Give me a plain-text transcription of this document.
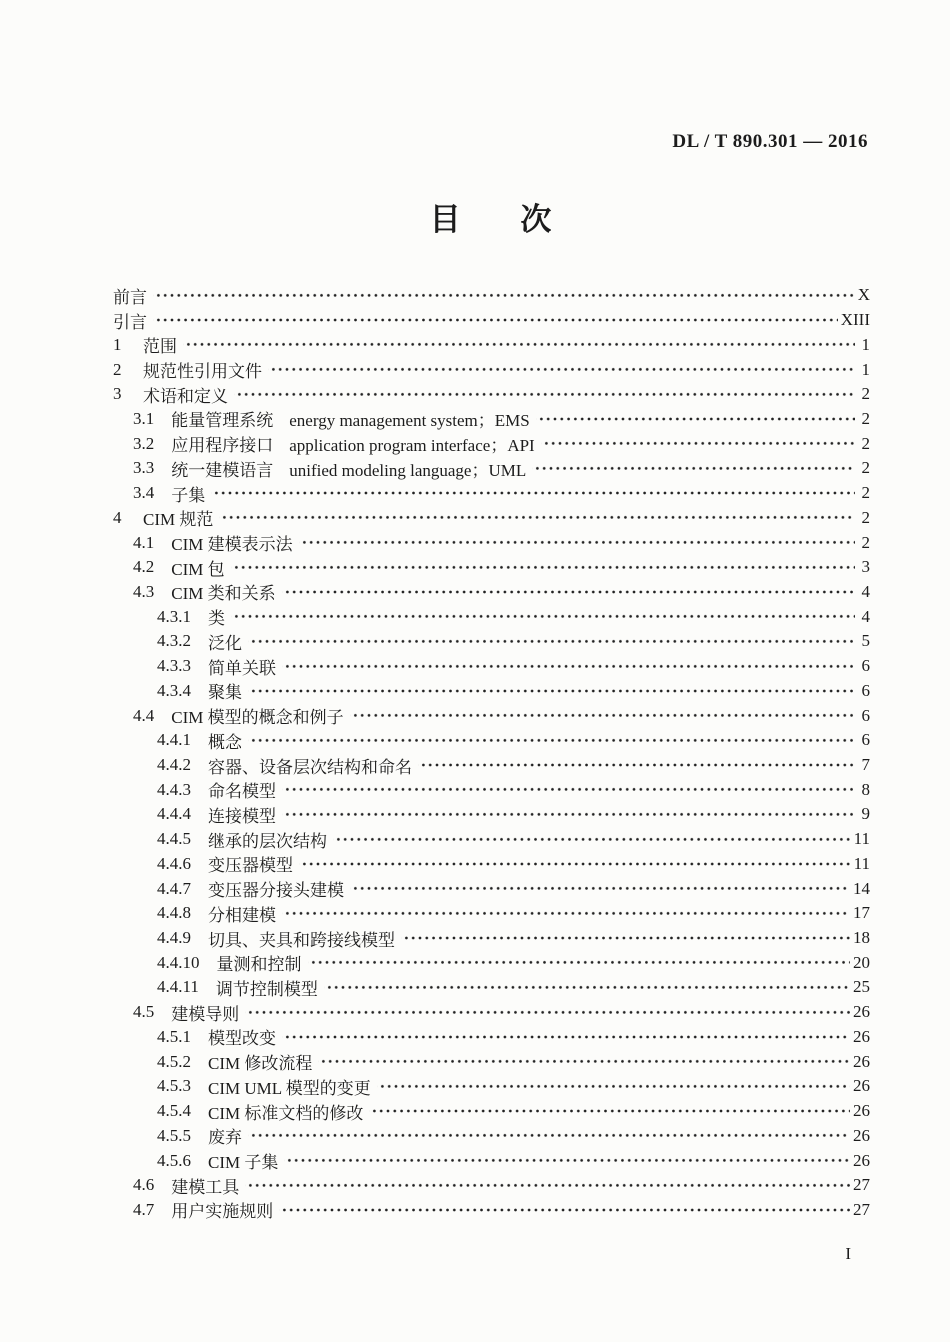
DL / T 890.301 — 2016
目 次
前言	X
引言	XIII
1 范围	1
2 规范性引用文件	1
3 术语和定义	2
3.1 能量管理系统 energy management system；EMS	2
3.2 应用程序接口 application program interface；API	2
3.3 统一建模语言 unified modeling language；UML	2
3.4 子集	2
4 CIM 规范	2
4.1 CIM 建模表示法	2
4.2 CIM 包	3
4.3 CIM 类和关系	4
4.3.1 类	4
4.3.2 泛化	5
4.3.3 简单关联	6
4.3.4 聚集	6
4.4 CIM 模型的概念和例子	6
4.4.1 概念	6
4.4.2 容器、设备层次结构和命名	7
4.4.3 命名模型	8
4.4.4 连接模型	9
4.4.5 继承的层次结构	11
4.4.6 变压器模型	11
4.4.7 变压器分接头建模	14
4.4.8 分相建模	17
4.4.9 切具、夹具和跨接线模型	18
4.4.10 量测和控制	20
4.4.11 调节控制模型	25
4.5 建模导则	26
4.5.1 模型改变	26
4.5.2 CIM 修改流程	26
4.5.3 CIM UML 模型的变更	26
4.5.4 CIM 标准文档的修改	26
4.5.5 废弃	26
4.5.6 CIM 子集	26
4.6 建模工具	27
4.7 用户实施规则	27
I
